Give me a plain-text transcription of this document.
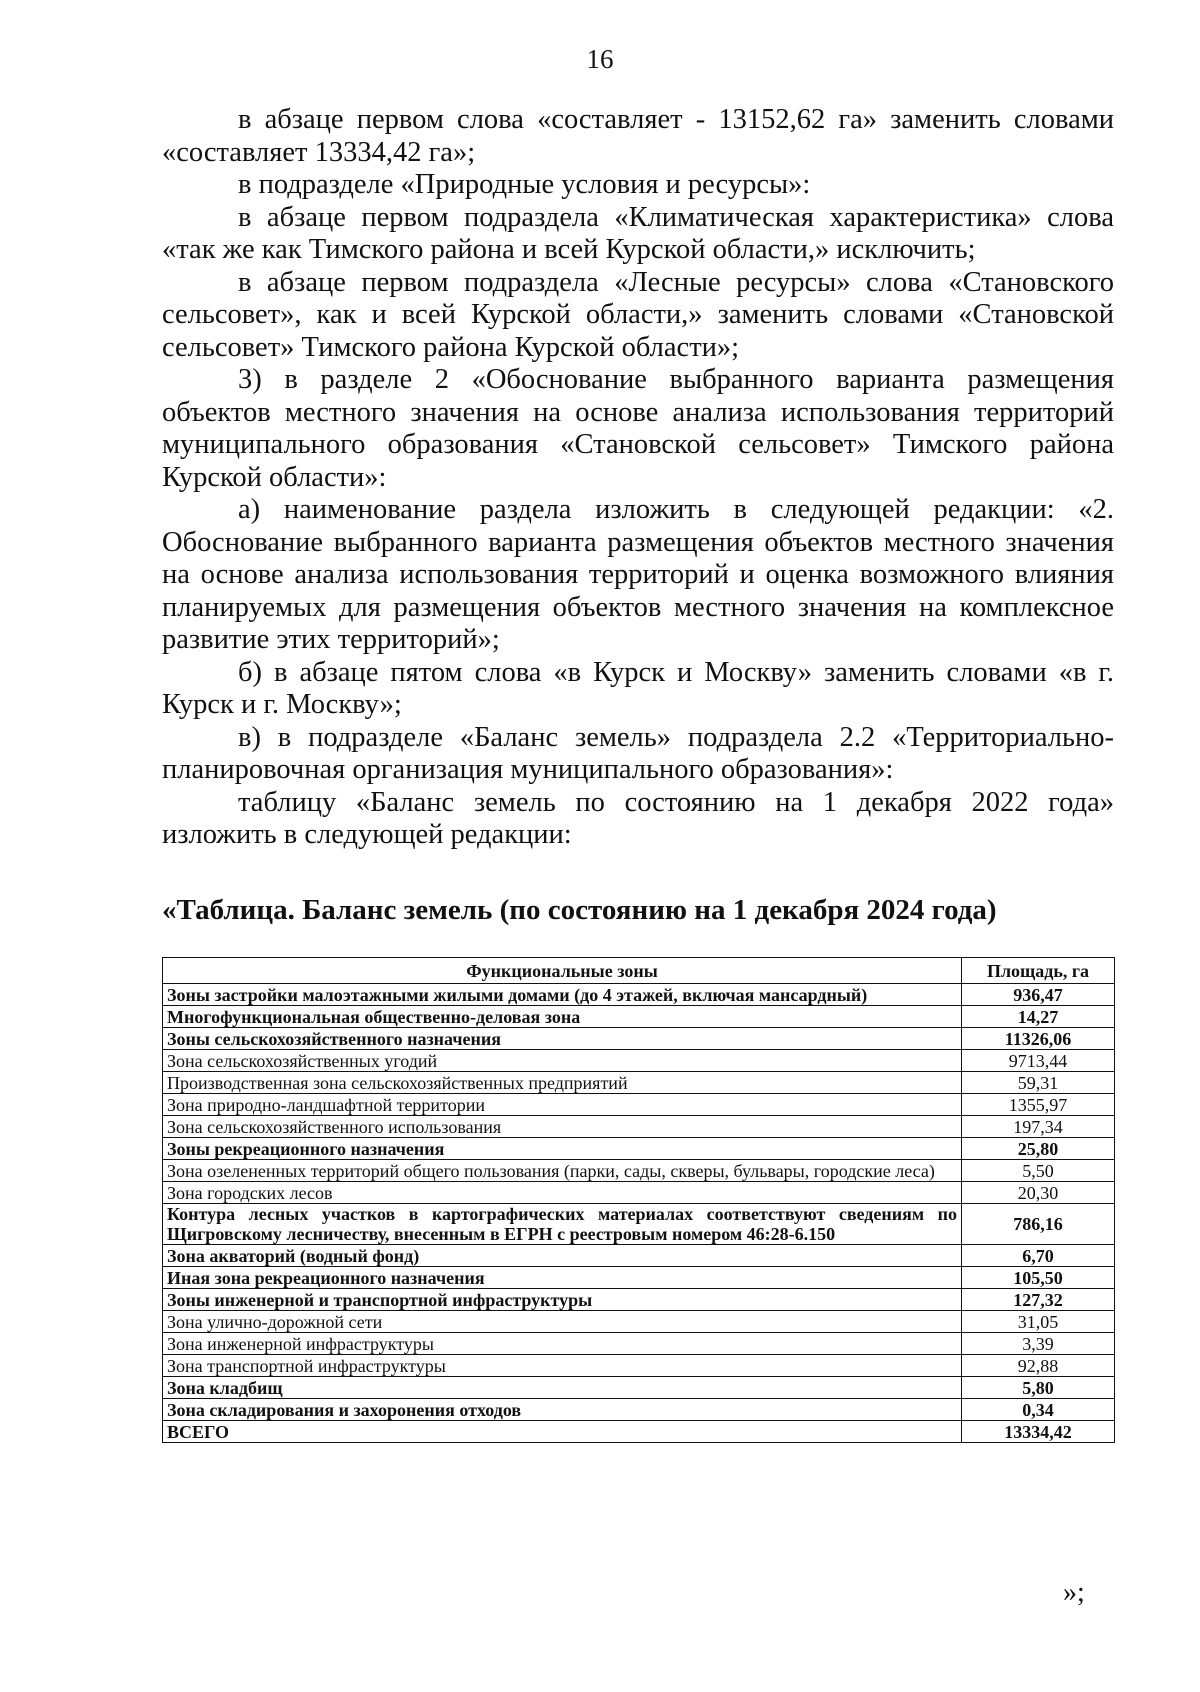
16

в абзаце первом слова «составляет - 13152,62 га» заменить словами «составляет 13334,42 га»;

в подразделе «Природные условия и ресурсы»:

в абзаце первом подраздела «Климатическая характеристика» слова «так же как Тимского района и всей Курской области,» исключить;

в абзаце первом подраздела «Лесные ресурсы» слова «Становского сельсовет», как и всей Курской области,» заменить словами «Становской сельсовет» Тимского района Курской области»;

3) в разделе 2 «Обоснование выбранного варианта размещения объектов местного значения на основе анализа использования территорий муниципального образования «Становской сельсовет» Тимского района Курской области»:

а) наименование раздела изложить в следующей редакции: «2. Обоснование выбранного варианта размещения объектов местного значения на основе анализа использования территорий и оценка возможного влияния планируемых для размещения объектов местного значения на комплексное развитие этих территорий»;

б) в абзаце пятом слова «в Курск и Москву» заменить словами «в г. Курск и г. Москву»;

в) в подразделе «Баланс земель» подраздела 2.2 «Территориально-планировочная организация муниципального образования»:

таблицу «Баланс земель по состоянию на 1 декабря 2022 года» изложить в следующей редакции:

«Таблица. Баланс земель (по состоянию на 1 декабря 2024 года)
Функциональные зоны	Площадь, га
Зоны застройки малоэтажными жилыми домами (до 4 этажей, включая мансардный)	936,47
Многофункциональная общественно-деловая зона	14,27
Зоны сельскохозяйственного назначения	11326,06
Зона сельскохозяйственных угодий	9713,44
Производственная зона сельскохозяйственных предприятий	59,31
Зона природно-ландшафтной территории	1355,97
Зона сельскохозяйственного использования	197,34
Зоны рекреационного назначения	25,80
Зона озелененных территорий общего пользования (парки, сады, скверы, бульвары, городские леса)	5,50
Зона городских лесов	20,30
Контура лесных участков в картографических материалах соответствуют сведениям по Щигровскому лесничеству, внесенным в ЕГРН с реестровым номером 46:28-6.150	786,16
Зона акваторий (водный фонд)	6,70
Иная зона рекреационного назначения	105,50
Зоны инженерной и транспортной инфраструктуры	127,32
Зона улично-дорожной сети	31,05
Зона инженерной инфраструктуры	3,39
Зона транспортной инфраструктуры	92,88
Зона кладбищ	5,80
Зона складирования и захоронения отходов	0,34
ВСЕГО	13334,42
»;
